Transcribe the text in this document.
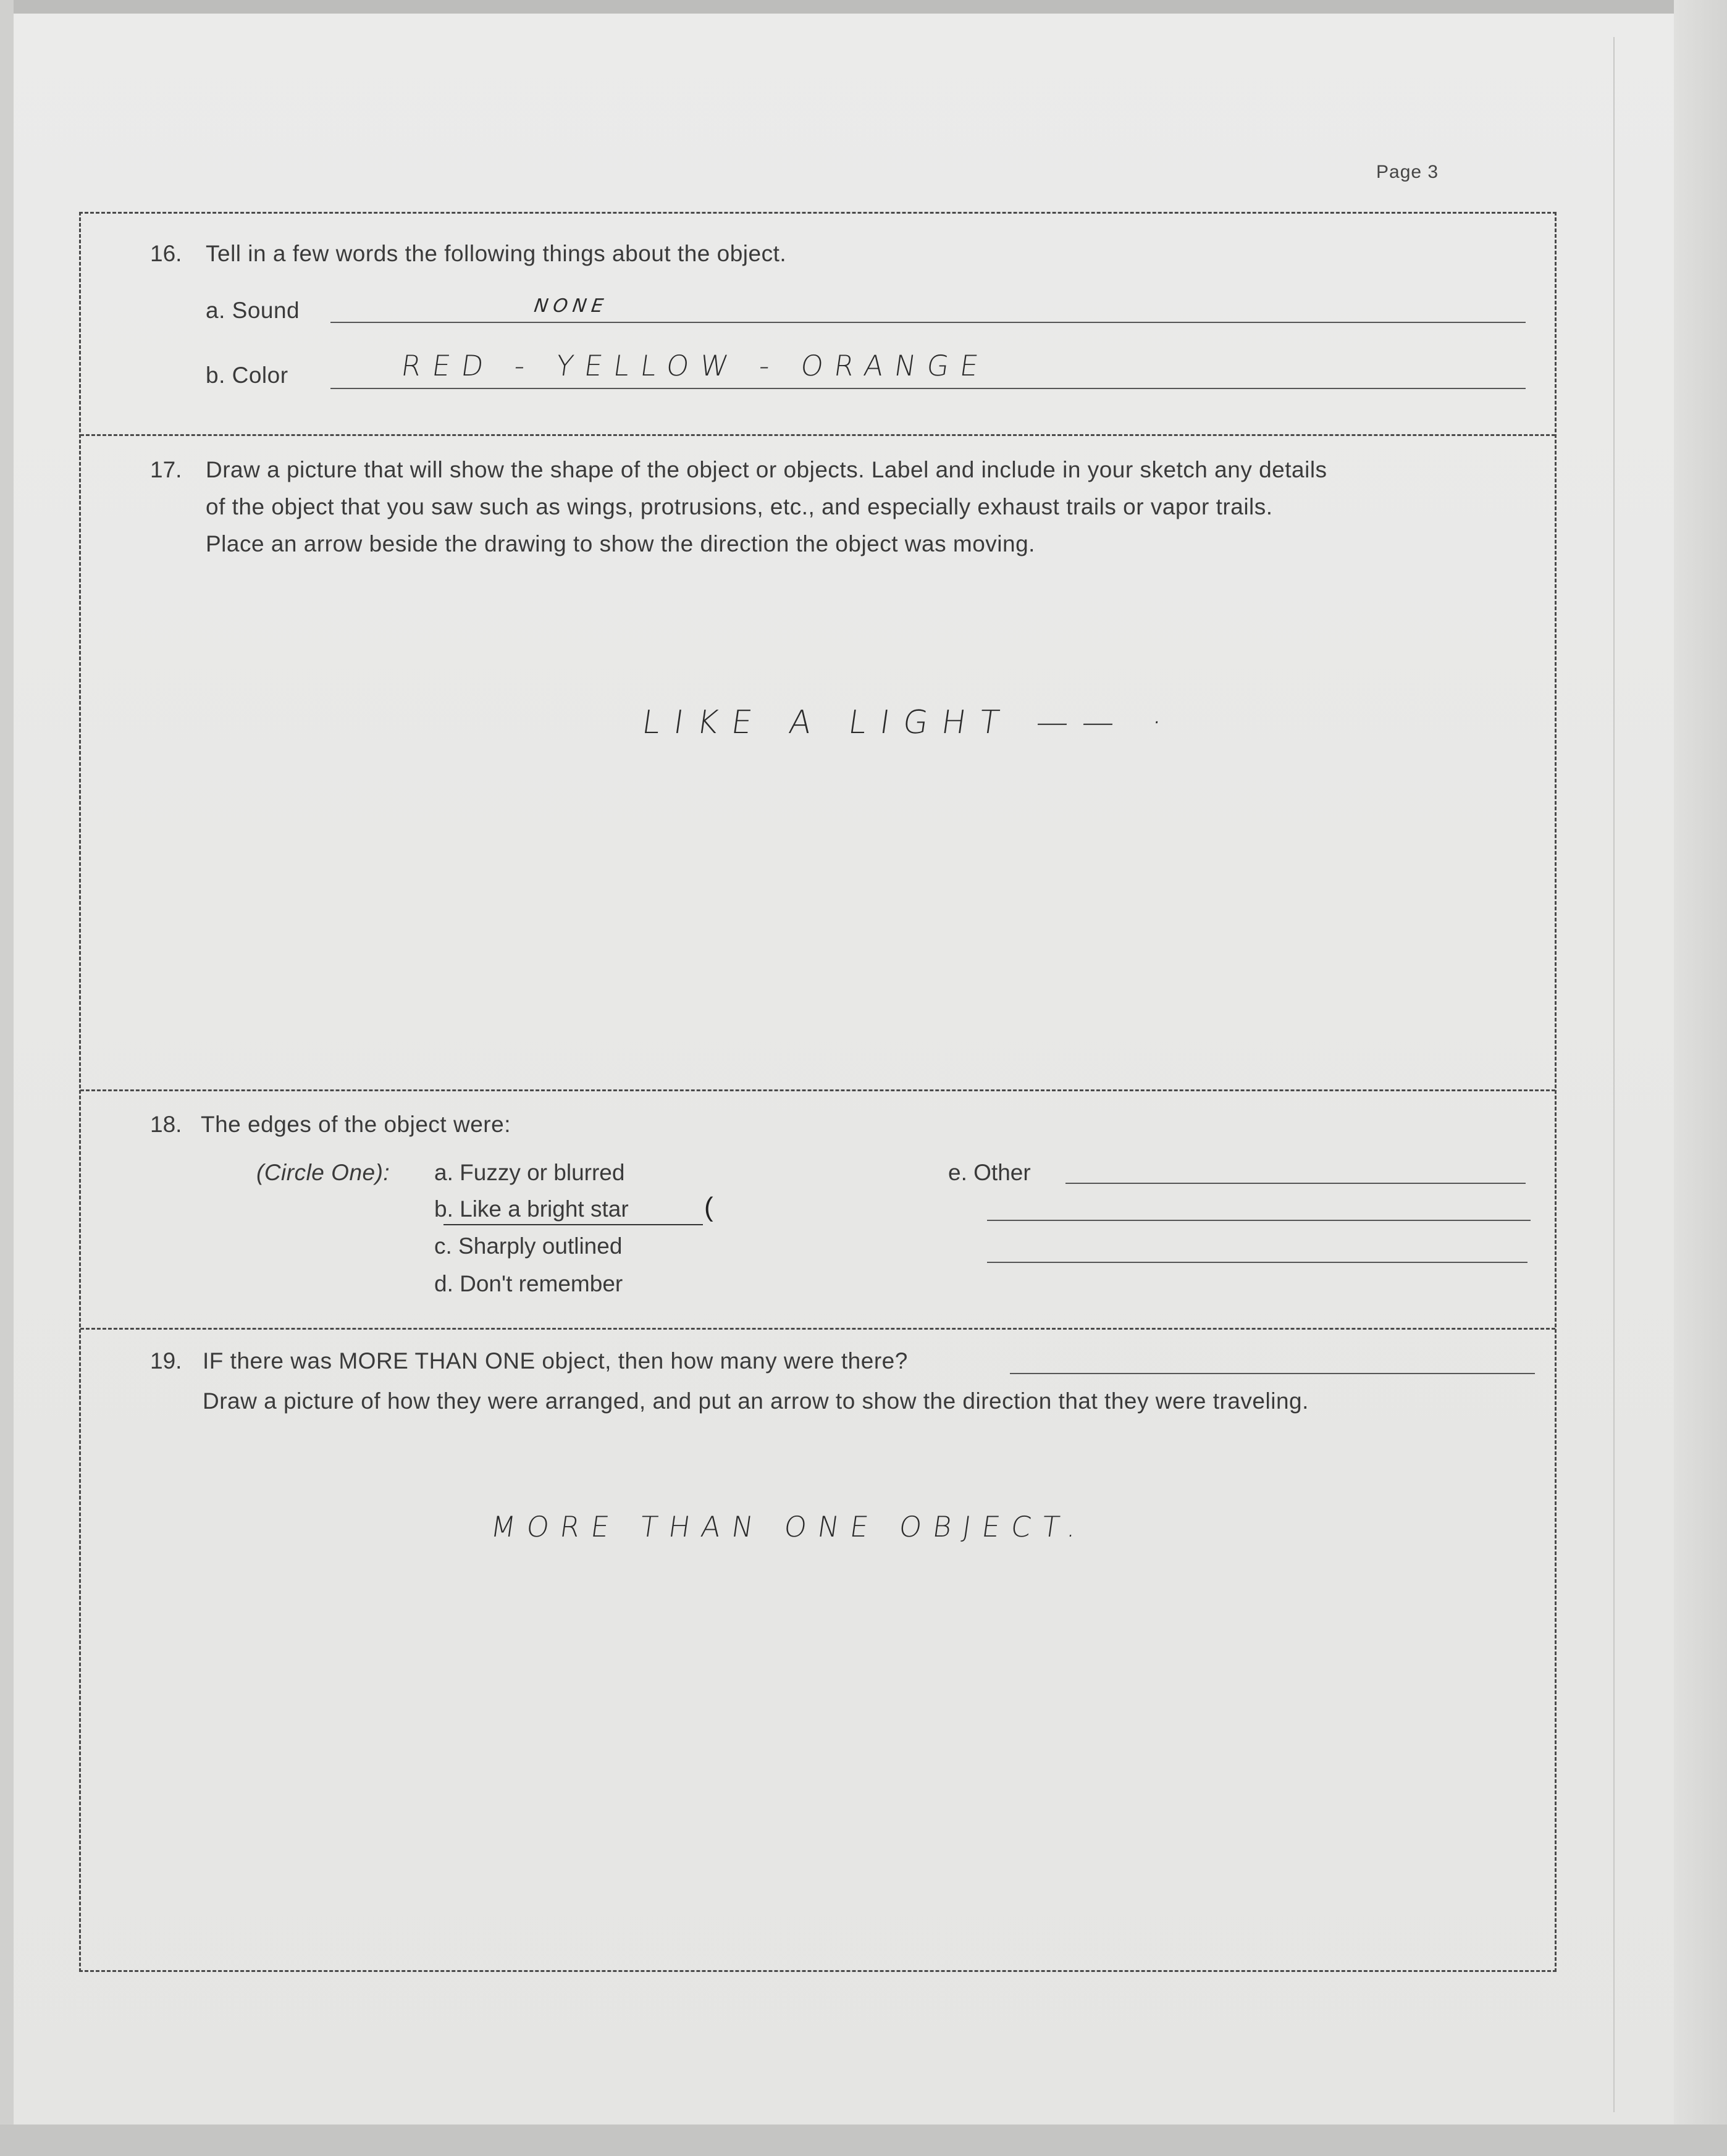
Page 3
16. Tell in a few words the following things about the object.
a. Sound	NONE
b. Color	RED - YELLOW - ORANGE
17. Draw a picture that will show the shape of the object or objects. Label and include in your sketch any details
of the object that you saw such as wings, protrusions, etc., and especially exhaust trails or vapor trails.
Place an arrow beside the drawing to show the direction the object was moving.
LIKE A LIGHT —— ·
18. The edges of the object were:
(Circle One): a. Fuzzy or blurred
b. Like a bright star	(
c. Sharply outlined
d. Don't remember
e. Other
19. IF there was MORE THAN ONE object, then how many were there?
Draw a picture of how they were arranged, and put an arrow to show the direction that they were traveling.
MORE THAN ONE OBJECT.
